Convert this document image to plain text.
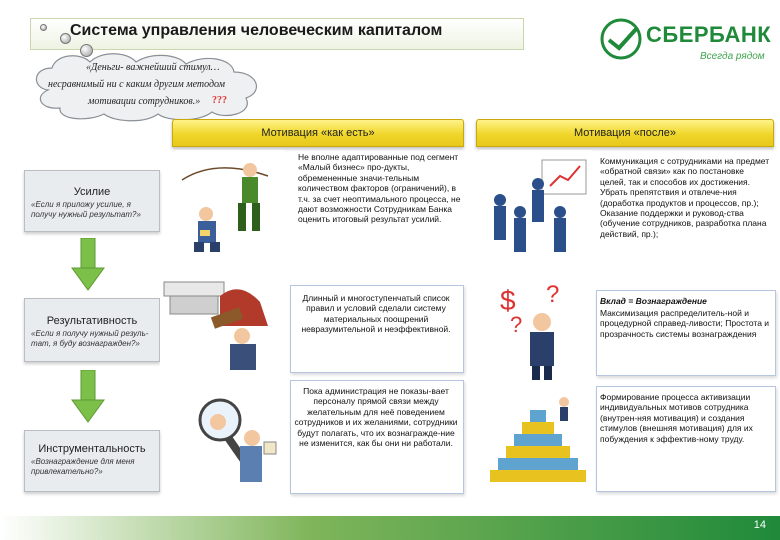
Система управления человеческим капиталом	СБЕРБАНК
Всегда рядом
«Деньги- важнейший стимул…
несравнимый ни с каким другим методом
мотивации сотрудников.» ???
Мотивация «как есть»	Мотивация «после»
Усилие
«Если я приложу усилие, я получу нужный результат?»
Результативность
«Если я получу нужный резуль-тат, я буду вознагражден?»
Инструментальность
«Вознаграждение для меня привлекательно?»
Не вполне адаптированные под сегмент «Малый бизнес» про-дукты, обремененные значи-тельным количеством факторов (ограничений), в т.ч. за счет неоптимального процесса, не дают возможности Сотрудникам Банка оценить итоговый результат усилий.
Длинный и многоступенчатый список правил и условий сделали систему материальных поощрений невразумительной и неэффективной.
Пока администрация не показы-вает персоналу прямой связи между желательным для неё поведением сотрудников и их желаниями, сотрудники будут полагать, что их вознагражде-ние не изменится, как бы они ни работали.
$ ?
?
Коммуникация с сотрудниками на предмет «обратной связи» как по постановке целей, так и способов их достижения. Убрать препятствия и отвлече-ния (доработка продуктов и процессов, пр.); Оказание поддержки и руковод-ства (обучение сотрудников, разработка плана действий, пр.);
Вклад = Вознаграждение
Максимизация распределитель-ной и процедурной справед-ливости; Простота и прозрачность системы вознаграждения
Формирование процесса активизации индивидуальных мотивов сотрудника (внутрен-няя мотивация) и создания стимулов (внешняя мотивация) для их побуждения к эффектив-ному труду.
14
